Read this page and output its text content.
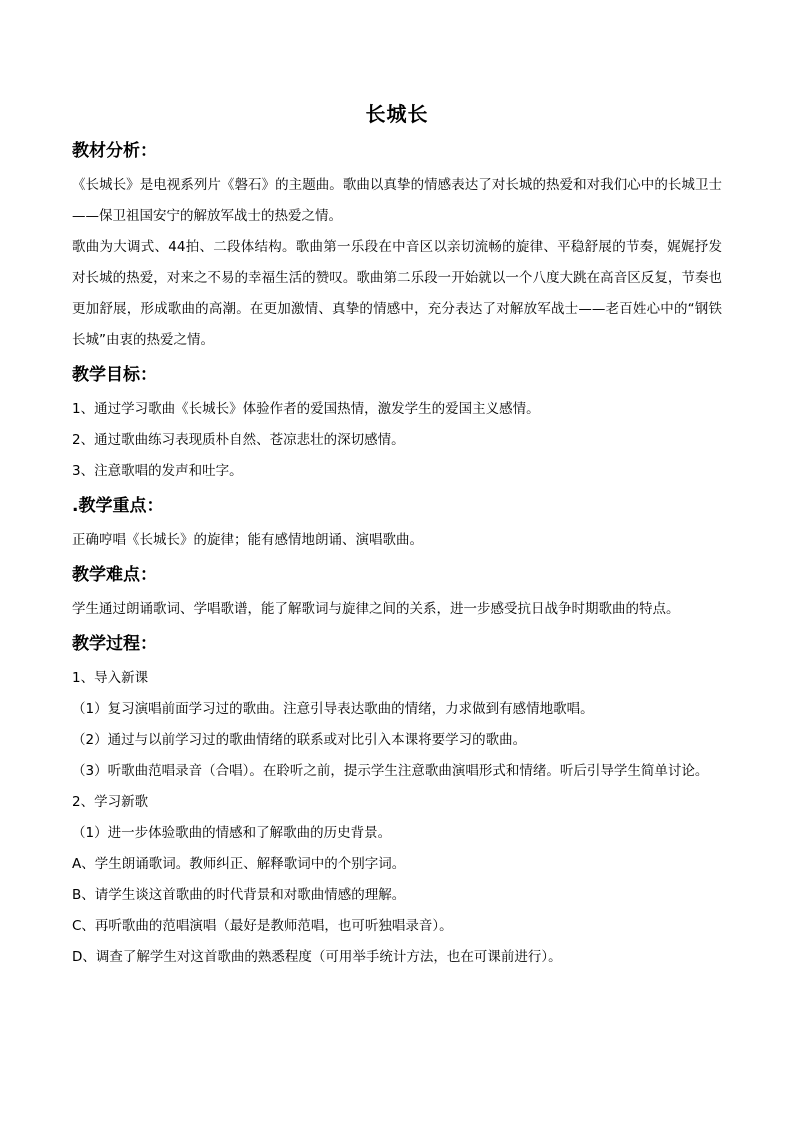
长城长
教材分析：

《长城长》是电视系列片《磐石》的主题曲。歌曲以真挚的情感表达了对长城的热爱和对我们心中的长城卫士——保卫祖国安宁的解放军战士的热爱之情。

歌曲为大调式、44拍、二段体结构。歌曲第一乐段在中音区以亲切流畅的旋律、平稳舒展的节奏，娓娓抒发对长城的热爱，对来之不易的幸福生活的赞叹。歌曲第二乐段一开始就以一个八度大跳在高音区反复，节奏也更加舒展，形成歌曲的高潮。在更加激情、真挚的情感中，充分表达了对解放军战士——老百姓心中的“钢铁长城”由衷的热爱之情。

教学目标：

1、通过学习歌曲《长城长》体验作者的爱国热情，激发学生的爱国主义感情。

2、通过歌曲练习表现质朴自然、苍凉悲壮的深切感情。

3、注意歌唱的发声和吐字。

.教学重点：

正确哼唱《长城长》的旋律；能有感情地朗诵、演唱歌曲。

教学难点：

学生通过朗诵歌词、学唱歌谱，能了解歌词与旋律之间的关系，进一步感受抗日战争时期歌曲的特点。

教学过程：

1、导入新课

（1）复习演唱前面学习过的歌曲。注意引导表达歌曲的情绪，力求做到有感情地歌唱。

（2）通过与以前学习过的歌曲情绪的联系或对比引入本课将要学习的歌曲。

（3）听歌曲范唱录音（合唱）。在聆听之前，提示学生注意歌曲演唱形式和情绪。听后引导学生简单讨论。

2、学习新歌

（1）进一步体验歌曲的情感和了解歌曲的历史背景。

A、学生朗诵歌词。教师纠正、解释歌词中的个别字词。

B、请学生谈这首歌曲的时代背景和对歌曲情感的理解。

C、再听歌曲的范唱演唱（最好是教师范唱，也可听独唱录音）。

D、调查了解学生对这首歌曲的熟悉程度（可用举手统计方法，也在可课前进行）。
